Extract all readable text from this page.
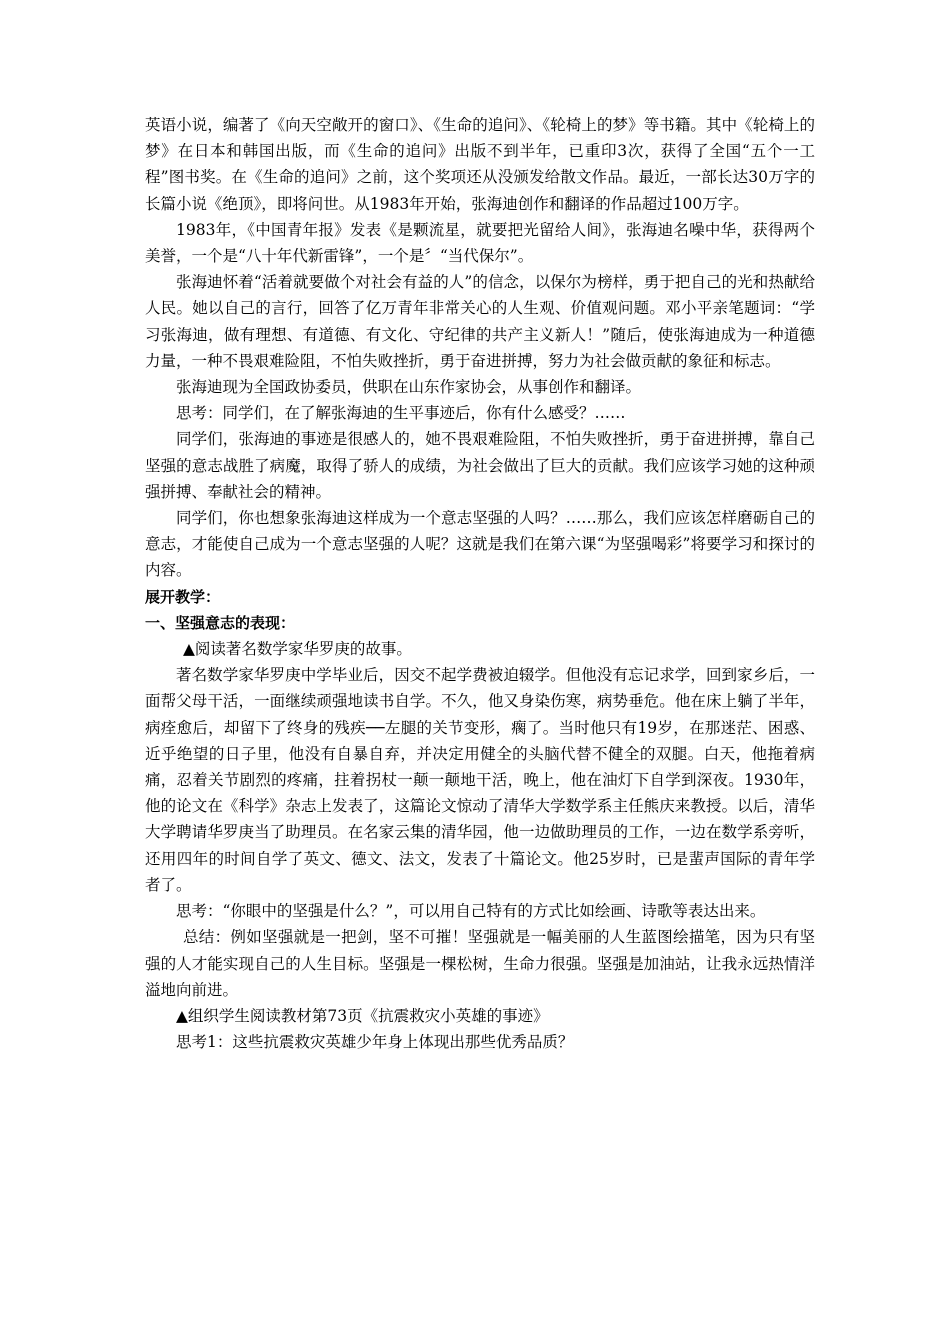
英语小说，编著了《向天空敞开的窗口》、《生命的追问》、《轮椅上的梦》等书籍。其中《轮椅上的梦》在日本和韩国出版，而《生命的追问》出版不到半年，已重印3次，获得了全国“五个一工程”图书奖。在《生命的追问》之前，这个奖项还从没颁发给散文作品。最近，一部长达30万字的长篇小说《绝顶》，即将问世。从1983年开始，张海迪创作和翻译的作品超过100万字。

1983年，《中国青年报》发表《是颗流星，就要把光留给人间》，张海迪名噪中华，获得两个美誉，一个是“八十年代新雷锋”，一个是〞“当代保尔”。

张海迪怀着“活着就要做个对社会有益的人”的信念，以保尔为榜样，勇于把自己的光和热献给人民。她以自己的言行，回答了亿万青年非常关心的人生观、价值观问题。邓小平亲笔题词：“学习张海迪，做有理想、有道德、有文化、守纪律的共产主义新人！”随后，使张海迪成为一种道德力量，一种不畏艰难险阻，不怕失败挫折，勇于奋进拼搏，努力为社会做贡献的象征和标志。

张海迪现为全国政协委员，供职在山东作家协会，从事创作和翻译。

思考：同学们，在了解张海迪的生平事迹后，你有什么感受？……

同学们，张海迪的事迹是很感人的，她不畏艰难险阻，不怕失败挫折，勇于奋进拼搏，靠自己坚强的意志战胜了病魔，取得了骄人的成绩，为社会做出了巨大的贡献。我们应该学习她的这种顽强拼搏、奉献社会的精神。

同学们，你也想象张海迪这样成为一个意志坚强的人吗？……那么，我们应该怎样磨砺自己的意志，才能使自己成为一个意志坚强的人呢？这就是我们在第六课“为坚强喝彩”将要学习和探讨的内容。

展开教学：

一、坚强意志的表现：

▲阅读著名数学家华罗庚的故事。

著名数学家华罗庚中学毕业后，因交不起学费被迫辍学。但他没有忘记求学，回到家乡后，一面帮父母干活，一面继续顽强地读书自学。不久，他又身染伤寒，病势垂危。他在床上躺了半年，病痊愈后，却留下了终身的残疾──左腿的关节变形，瘸了。当时他只有19岁，在那迷茫、困惑、近乎绝望的日子里，他没有自暴自弃，并决定用健全的头脑代替不健全的双腿。白天，他拖着病痛，忍着关节剧烈的疼痛，拄着拐杖一颠一颠地干活，晚上，他在油灯下自学到深夜。1930年，他的论文在《科学》杂志上发表了，这篇论文惊动了清华大学数学系主任熊庆来教授。以后，清华大学聘请华罗庚当了助理员。在名家云集的清华园，他一边做助理员的工作，一边在数学系旁听，还用四年的时间自学了英文、德文、法文，发表了十篇论文。他25岁时，已是蜚声国际的青年学者了。

思考：“你眼中的坚强是什么？”，可以用自己特有的方式比如绘画、诗歌等表达出来。

总结：例如坚强就是一把剑，坚不可摧！坚强就是一幅美丽的人生蓝图绘描笔，因为只有坚强的人才能实现自己的人生目标。坚强是一棵松树，生命力很强。坚强是加油站，让我永远热情洋溢地向前进。

▲组织学生阅读教材第73页《抗震救灾小英雄的事迹》

思考1：这些抗震救灾英雄少年身上体现出那些优秀品质？
